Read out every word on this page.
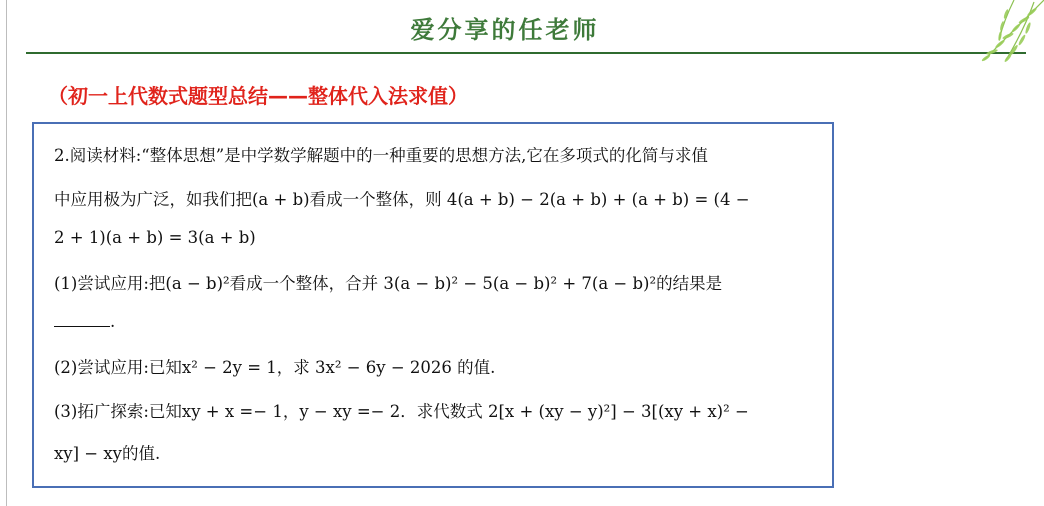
爱分享的任老师
（初一上代数式题型总结——整体代入法求值）
2.阅读材料:“整体思想”是中学数学解题中的一种重要的思想方法,它在多项式的化简与求值
中应用极为广泛，如我们把(a + b)看成一个整体，则 4(a + b) − 2(a + b) + (a + b) = (4 −
2 + 1)(a + b) = 3(a + b)
(1)尝试应用:把(a − b)²看成一个整体，合并 3(a − b)² − 5(a − b)² + 7(a − b)²的结果是
.
(2)尝试应用:已知x² − 2y = 1，求 3x² − 6y − 2026 的值.
(3)拓广探索:已知xy + x =− 1，y − xy =− 2．求代数式 2[x + (xy − y)²] − 3[(xy + x)² −
xy] − xy的值.
